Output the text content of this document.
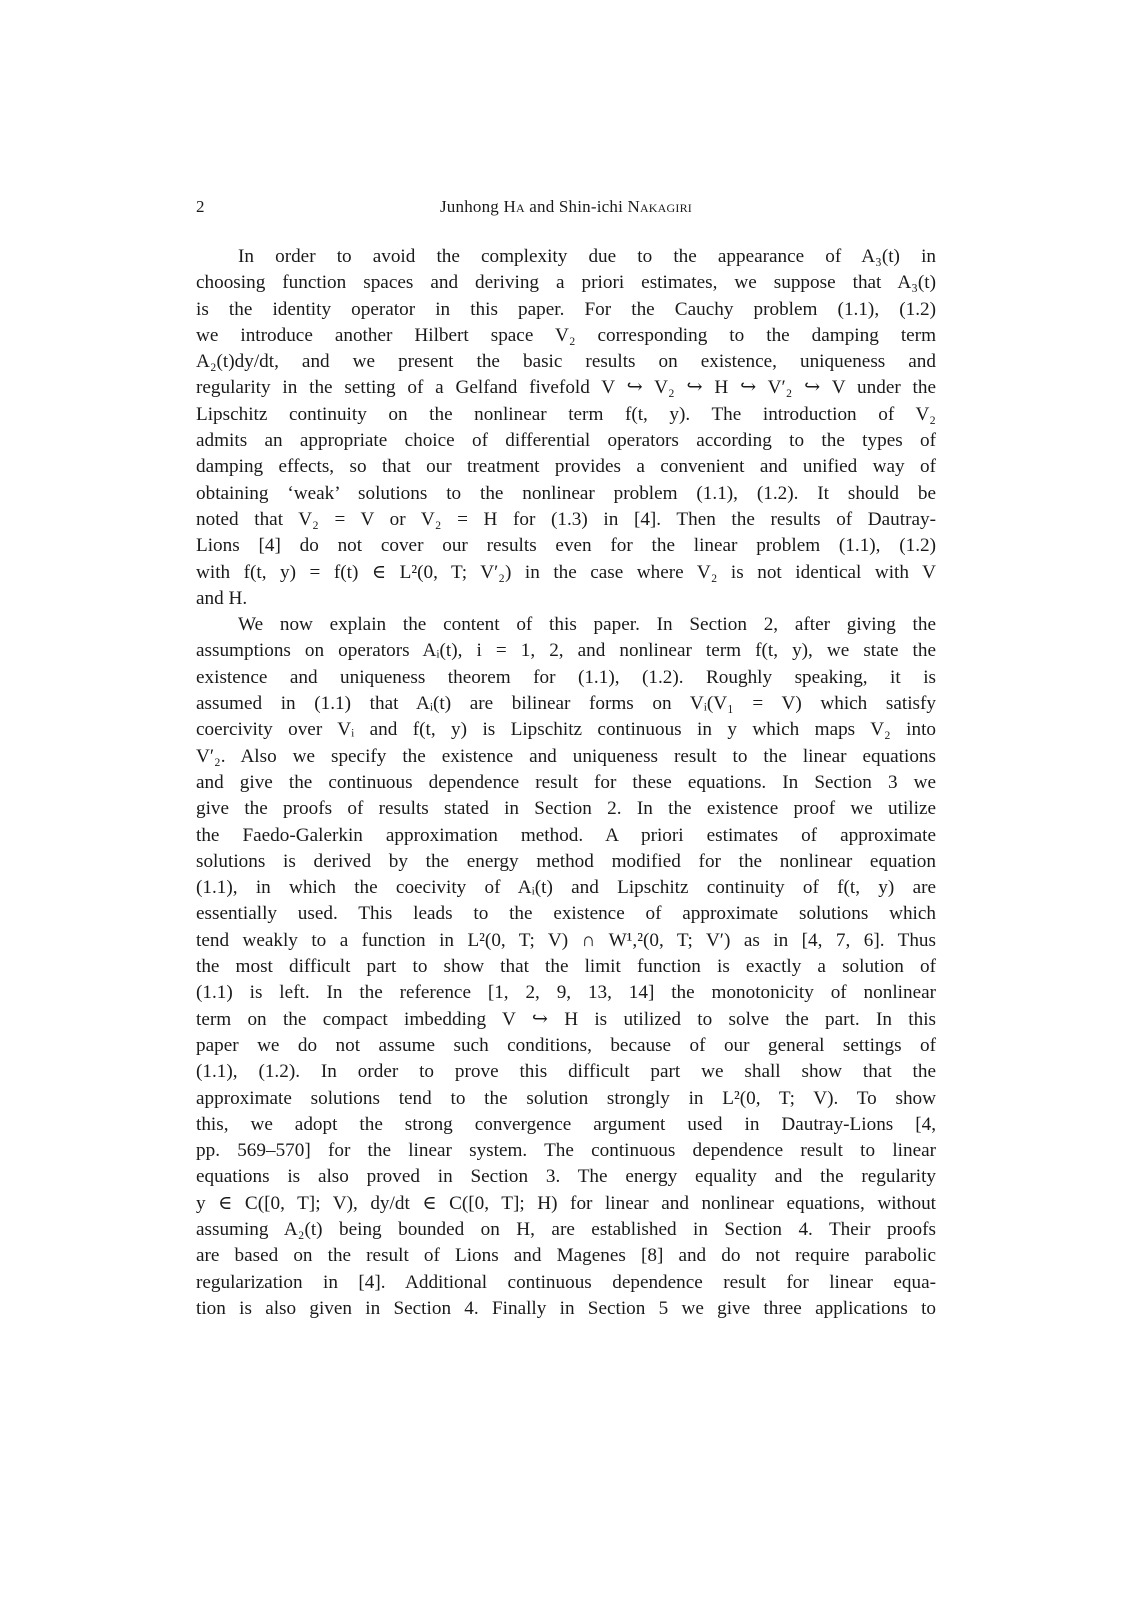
2	Junhong Ha and Shin-ichi Nakagiri
In order to avoid the complexity due to the appearance of A₃(t) in
choosing function spaces and deriving a priori estimates, we suppose that A₃(t)
is the identity operator in this paper. For the Cauchy problem (1.1), (1.2)
we introduce another Hilbert space V₂ corresponding to the damping term
A₂(t)dy/dt, and we present the basic results on existence, uniqueness and
regularity in the setting of a Gelfand fivefold V ↪ V₂ ↪ H ↪ V′₂ ↪ V under the
Lipschitz continuity on the nonlinear term f(t, y). The introduction of V₂
admits an appropriate choice of differential operators according to the types of
damping effects, so that our treatment provides a convenient and unified way of
obtaining ‘weak’ solutions to the nonlinear problem (1.1), (1.2). It should be
noted that V₂ = V or V₂ = H for (1.3) in [4]. Then the results of Dautray-
Lions [4] do not cover our results even for the linear problem (1.1), (1.2)
with f(t, y) = f(t) ∈ L²(0, T; V′₂) in the case where V₂ is not identical with V
and H.
We now explain the content of this paper. In Section 2, after giving the
assumptions on operators Aᵢ(t), i = 1, 2, and nonlinear term f(t, y), we state the
existence and uniqueness theorem for (1.1), (1.2). Roughly speaking, it is
assumed in (1.1) that Aᵢ(t) are bilinear forms on Vᵢ(V₁ = V) which satisfy
coercivity over Vᵢ and f(t, y) is Lipschitz continuous in y which maps V₂ into
V′₂. Also we specify the existence and uniqueness result to the linear equations
and give the continuous dependence result for these equations. In Section 3 we
give the proofs of results stated in Section 2. In the existence proof we utilize
the Faedo-Galerkin approximation method. A priori estimates of approximate
solutions is derived by the energy method modified for the nonlinear equation
(1.1), in which the coecivity of Aᵢ(t) and Lipschitz continuity of f(t, y) are
essentially used. This leads to the existence of approximate solutions which
tend weakly to a function in L²(0, T; V) ∩ W¹,²(0, T; V′) as in [4, 7, 6]. Thus
the most difficult part to show that the limit function is exactly a solution of
(1.1) is left. In the reference [1, 2, 9, 13, 14] the monotonicity of nonlinear
term on the compact imbedding V ↪ H is utilized to solve the part. In this
paper we do not assume such conditions, because of our general settings of
(1.1), (1.2). In order to prove this difficult part we shall show that the
approximate solutions tend to the solution strongly in L²(0, T; V). To show
this, we adopt the strong convergence argument used in Dautray-Lions [4,
pp. 569–570] for the linear system. The continuous dependence result to linear
equations is also proved in Section 3. The energy equality and the regularity
y ∈ C([0, T]; V), dy/dt ∈ C([0, T]; H) for linear and nonlinear equations, without
assuming A₂(t) being bounded on H, are established in Section 4. Their proofs
are based on the result of Lions and Magenes [8] and do not require parabolic
regularization in [4]. Additional continuous dependence result for linear equa-
tion is also given in Section 4. Finally in Section 5 we give three applications to
